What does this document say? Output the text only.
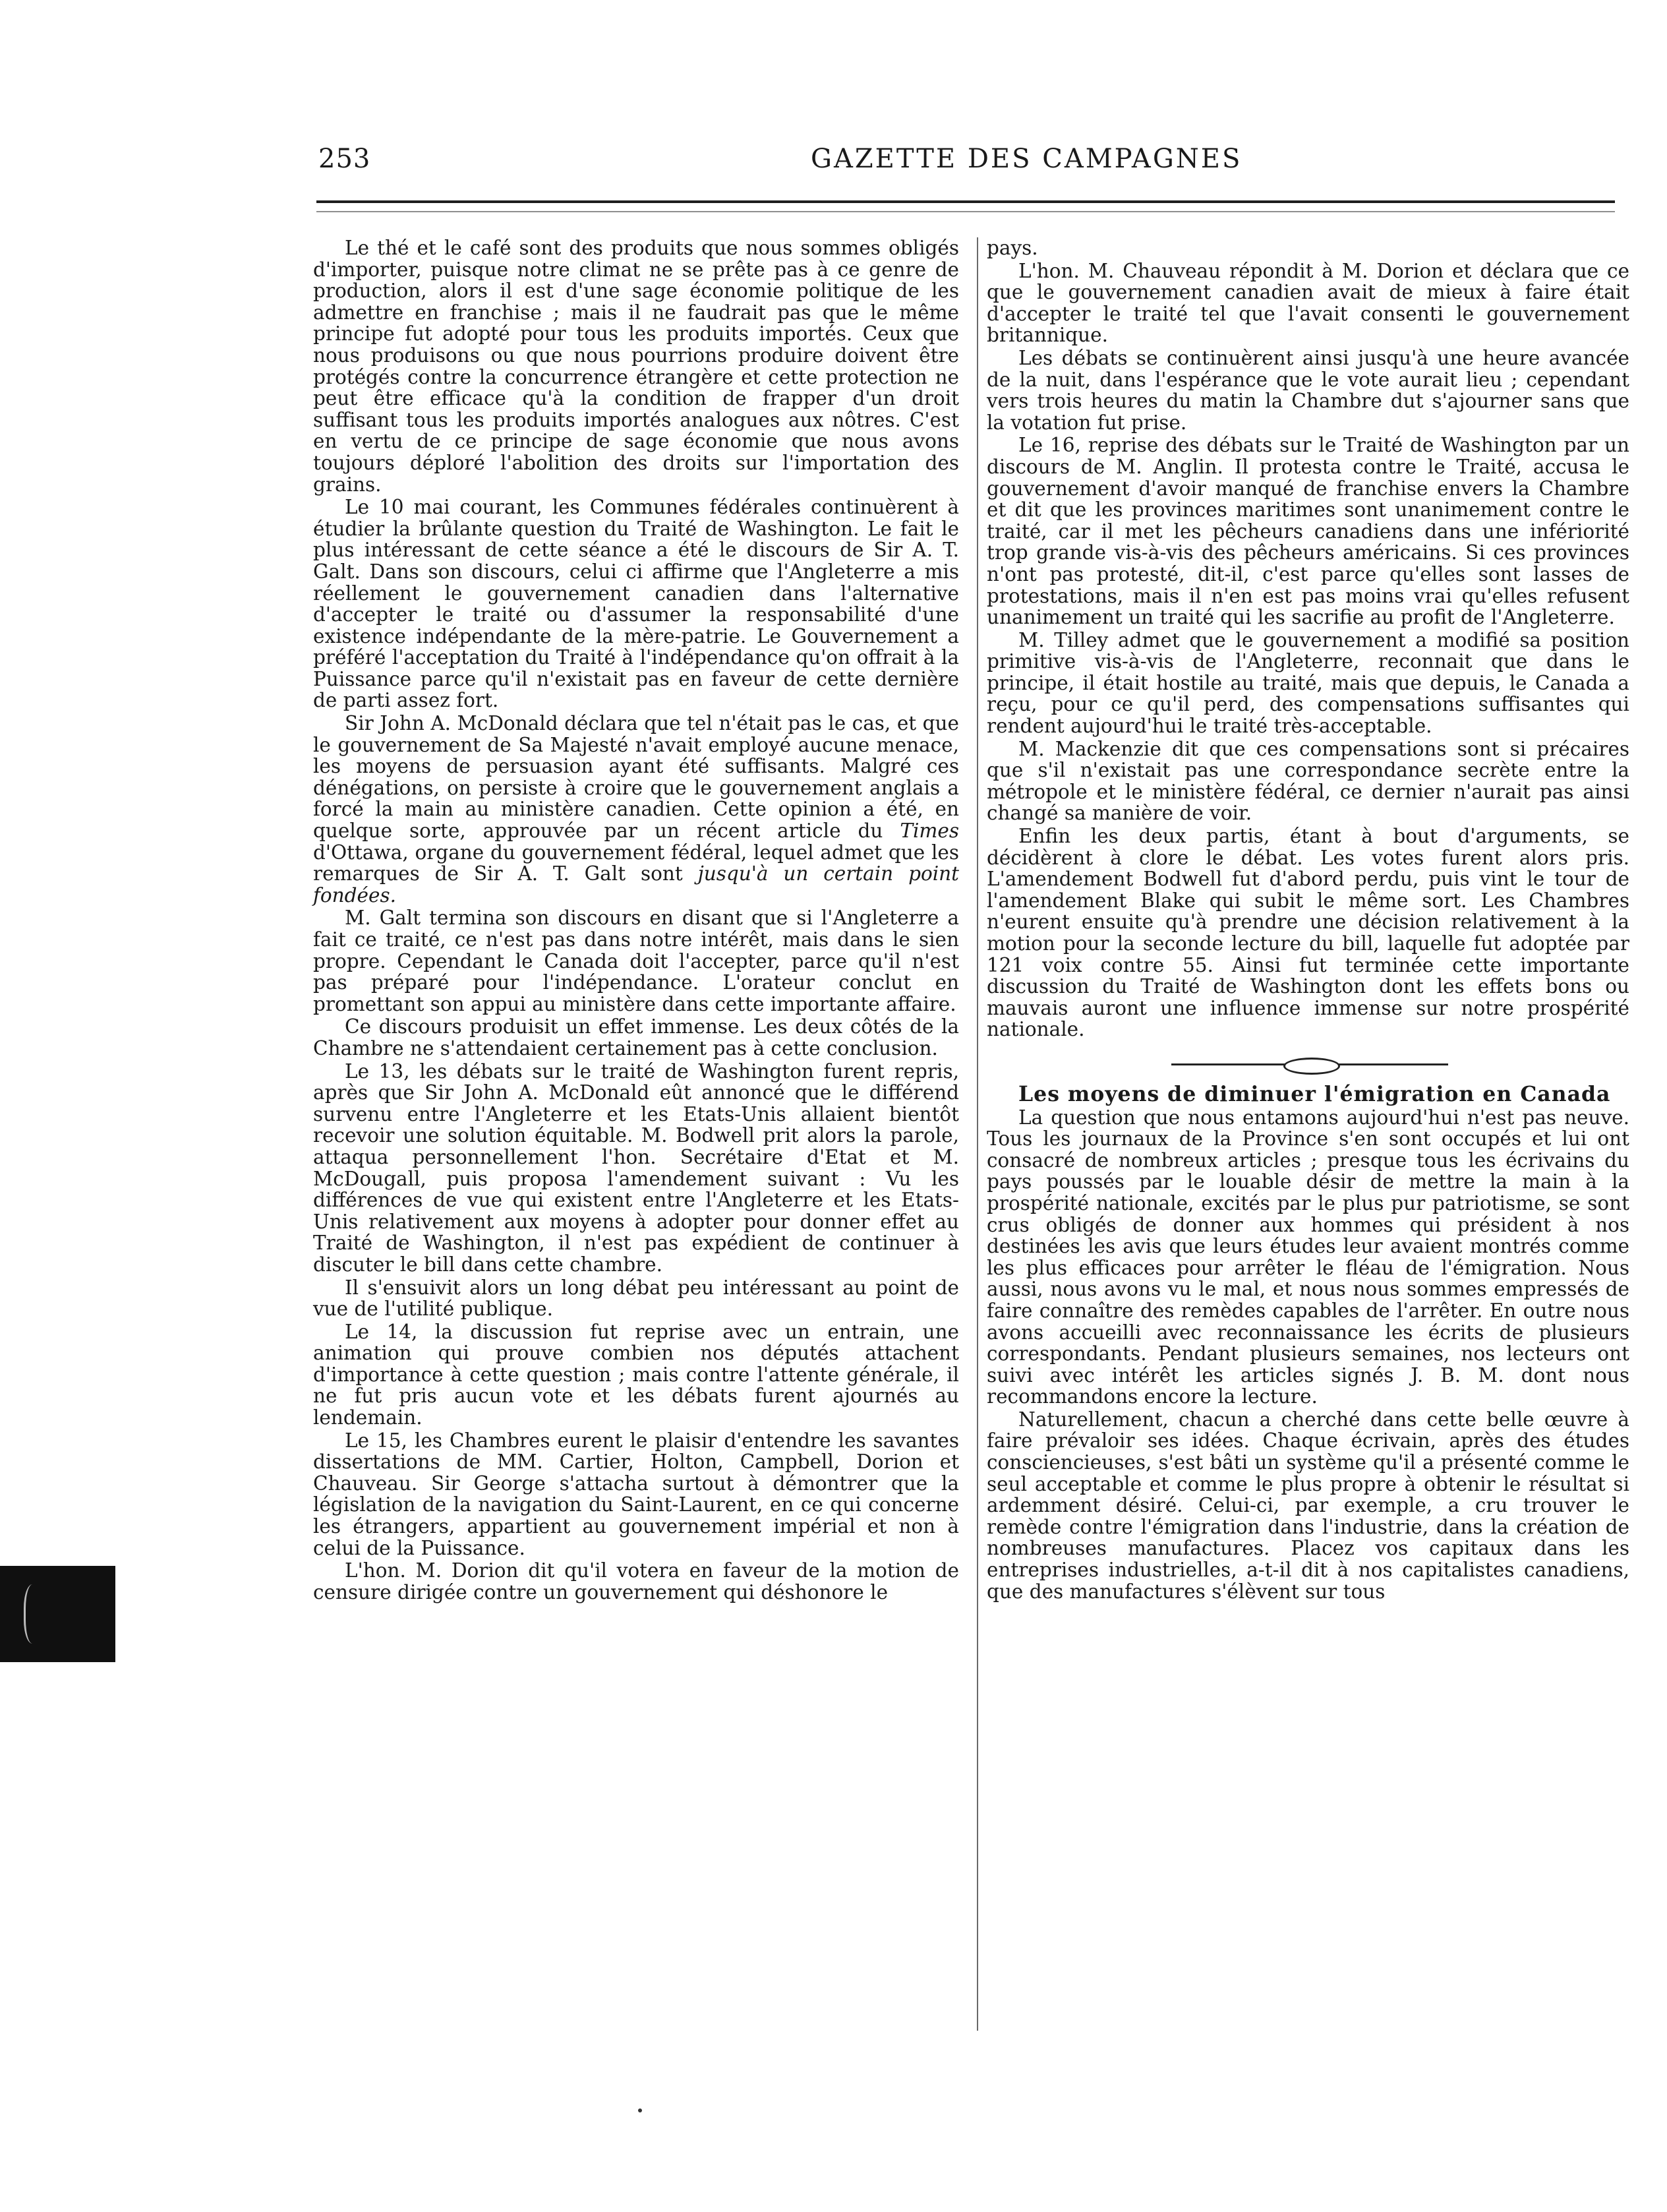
253	GAZETTE DES CAMPAGNES

Le thé et le café sont des produits que nous sommes obligés d'importer, puisque notre climat ne se prête pas à ce genre de production, alors il est d'une sage économie politique de les admettre en franchise ; mais il ne faudrait pas que le même principe fut adopté pour tous les produits importés. Ceux que nous produisons ou que nous pourrions produire doivent être protégés contre la concurrence étrangère et cette protection ne peut être efficace qu'à la condition de frapper d'un droit suffisant tous les produits importés analogues aux nôtres. C'est en vertu de ce principe de sage économie que nous avons toujours déploré l'abolition des droits sur l'importation des grains.

Le 10 mai courant, les Communes fédérales continuèrent à étudier la brûlante question du Traité de Washington. Le fait le plus intéressant de cette séance a été le discours de Sir A. T. Galt. Dans son discours, celui ci affirme que l'Angleterre a mis réellement le gouvernement canadien dans l'alternative d'accepter le traité ou d'assumer la responsabilité d'une existence indépendante de la mère-patrie. Le Gouvernement a préféré l'acceptation du Traité à l'indépendance qu'on offrait à la Puissance parce qu'il n'existait pas en faveur de cette dernière de parti assez fort.

Sir John A. McDonald déclara que tel n'était pas le cas, et que le gouvernement de Sa Majesté n'avait employé aucune menace, les moyens de persuasion ayant été suffisants. Malgré ces dénégations, on persiste à croire que le gouvernement anglais a forcé la main au ministère canadien. Cette opinion a été, en quelque sorte, approuvée par un récent article du Times d'Ottawa, organe du gouvernement fédéral, lequel admet que les remarques de Sir A. T. Galt sont jusqu'à un certain point fondées.

M. Galt termina son discours en disant que si l'Angleterre a fait ce traité, ce n'est pas dans notre intérêt, mais dans le sien propre. Cependant le Canada doit l'accepter, parce qu'il n'est pas préparé pour l'indépendance. L'orateur conclut en promettant son appui au ministère dans cette importante affaire.

Ce discours produisit un effet immense. Les deux côtés de la Chambre ne s'attendaient certainement pas à cette conclusion.

Le 13, les débats sur le traité de Washington furent repris, après que Sir John A. McDonald eût annoncé que le différend survenu entre l'Angleterre et les Etats-Unis allaient bientôt recevoir une solution équitable. M. Bodwell prit alors la parole, attaqua personnellement l'hon. Secrétaire d'Etat et M. McDougall, puis proposa l'amendement suivant : Vu les différences de vue qui existent entre l'Angleterre et les Etats-Unis relativement aux moyens à adopter pour donner effet au Traité de Washington, il n'est pas expédient de continuer à discuter le bill dans cette chambre.

Il s'ensuivit alors un long débat peu intéressant au point de vue de l'utilité publique.

Le 14, la discussion fut reprise avec un entrain, une animation qui prouve combien nos députés attachent d'importance à cette question ; mais contre l'attente générale, il ne fut pris aucun vote et les débats furent ajournés au lendemain.

Le 15, les Chambres eurent le plaisir d'entendre les savantes dissertations de MM. Cartier, Holton, Campbell, Dorion et Chauveau. Sir George s'attacha surtout à démontrer que la législation de la navigation du Saint-Laurent, en ce qui concerne les étrangers, appartient au gouvernement impérial et non à celui de la Puissance.

L'hon. M. Dorion dit qu'il votera en faveur de la motion de censure dirigée contre un gouvernement qui déshonore le

pays.

L'hon. M. Chauveau répondit à M. Dorion et déclara que ce que le gouvernement canadien avait de mieux à faire était d'accepter le traité tel que l'avait consenti le gouvernement britannique.

Les débats se continuèrent ainsi jusqu'à une heure avancée de la nuit, dans l'espérance que le vote aurait lieu ; cependant vers trois heures du matin la Chambre dut s'ajourner sans que la votation fut prise.

Le 16, reprise des débats sur le Traité de Washington par un discours de M. Anglin. Il protesta contre le Traité, accusa le gouvernement d'avoir manqué de franchise envers la Chambre et dit que les provinces maritimes sont unanimement contre le traité, car il met les pêcheurs canadiens dans une infériorité trop grande vis-à-vis des pêcheurs américains. Si ces provinces n'ont pas protesté, dit-il, c'est parce qu'elles sont lasses de protestations, mais il n'en est pas moins vrai qu'elles refusent unanimement un traité qui les sacrifie au profit de l'Angleterre.

M. Tilley admet que le gouvernement a modifié sa position primitive vis-à-vis de l'Angleterre, reconnait que dans le principe, il était hostile au traité, mais que depuis, le Canada a reçu, pour ce qu'il perd, des compensations suffisantes qui rendent aujourd'hui le traité très-acceptable.

M. Mackenzie dit que ces compensations sont si précaires que s'il n'existait pas une correspondance secrète entre la métropole et le ministère fédéral, ce dernier n'aurait pas ainsi changé sa manière de voir.

Enfin les deux partis, étant à bout d'arguments, se décidèrent à clore le débat. Les votes furent alors pris. L'amendement Bodwell fut d'abord perdu, puis vint le tour de l'amendement Blake qui subit le même sort. Les Chambres n'eurent ensuite qu'à prendre une décision relativement à la motion pour la seconde lecture du bill, laquelle fut adoptée par 121 voix contre 55. Ainsi fut terminée cette importante discussion du Traité de Washington dont les effets bons ou mauvais auront une influence immense sur notre prospérité nationale.

Les moyens de diminuer l'émigration en Canada

La question que nous entamons aujourd'hui n'est pas neuve. Tous les journaux de la Province s'en sont occupés et lui ont consacré de nombreux articles ; presque tous les écrivains du pays poussés par le louable désir de mettre la main à la prospérité nationale, excités par le plus pur patriotisme, se sont crus obligés de donner aux hommes qui président à nos destinées les avis que leurs études leur avaient montrés comme les plus efficaces pour arrêter le fléau de l'émigration. Nous aussi, nous avons vu le mal, et nous nous sommes empressés de faire connaître des remèdes capables de l'arrêter. En outre nous avons accueilli avec reconnaissance les écrits de plusieurs correspondants. Pendant plusieurs semaines, nos lecteurs ont suivi avec intérêt les articles signés J. B. M. dont nous recommandons encore la lecture.

Naturellement, chacun a cherché dans cette belle œuvre à faire prévaloir ses idées. Chaque écrivain, après des études consciencieuses, s'est bâti un système qu'il a présenté comme le seul acceptable et comme le plus propre à obtenir le résultat si ardemment désiré. Celui-ci, par exemple, a cru trouver le remède contre l'émigration dans l'industrie, dans la création de nombreuses manufactures. Placez vos capitaux dans les entreprises industrielles, a-t-il dit à nos capitalistes canadiens, que des manufactures s'élèvent sur tous
